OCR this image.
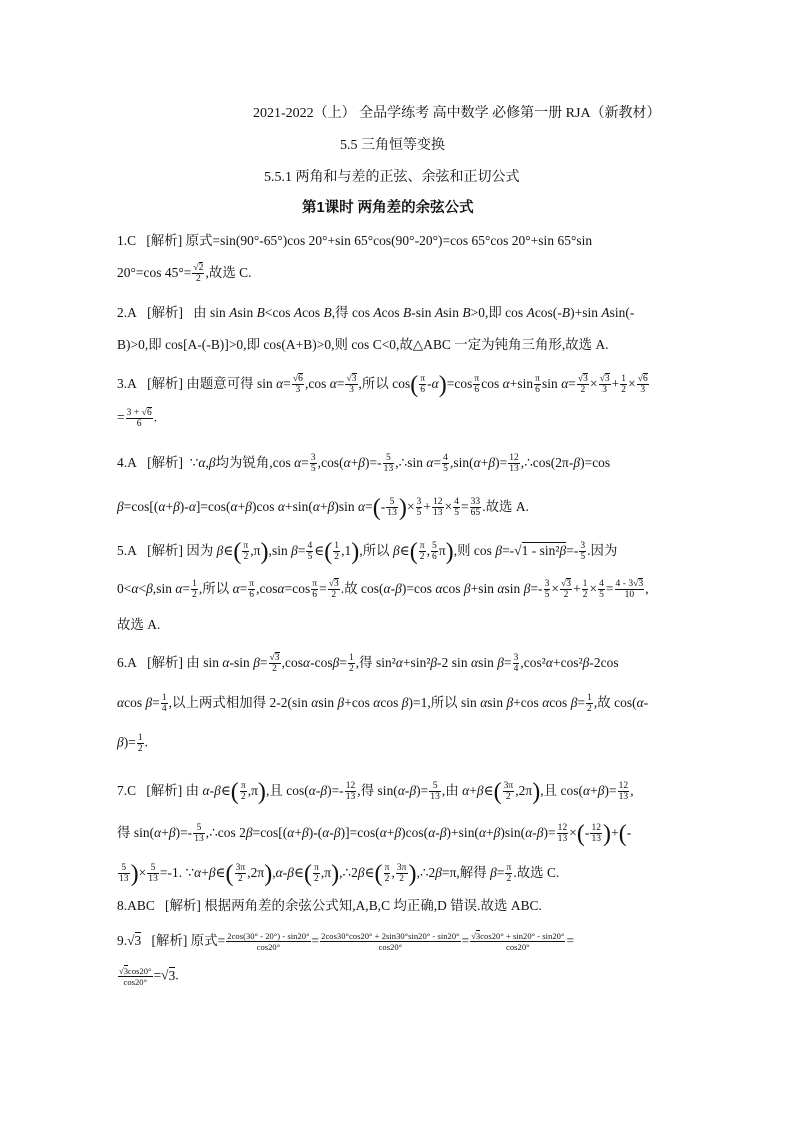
2021-2022（上） 全品学练考 高中数学 必修第一册 RJA（新教材）
5.5 三角恒等变换
5.5.1 两角和与差的正弦、余弦和正切公式
第1课时 两角差的余弦公式
1.C [解析] 原式=sin(90°-65°)cos 20°+sin 65°cos(90°-20°)=cos 65°cos 20°+sin 65°sin
20°=cos $45^\circ= \frac{√2}{2}$ ,故选 C.
2.A [解析]   由 sin Asin B<cos Acos B,得 cos Acos B-sin Asin B>0,即 cos Acos(-B)+sin Asin(-
B)>0,即 cos[A-(-B)]>0,即 cos(A+B)>0,则 cos C<0,故△ABC 一定为钝角三角形,故选 A.
3.A [解析] 由题意可得 $\sin \alpha= \frac{√6}{3} ,\cos$ $\alpha= \frac{√3}{3}$ ,所以 $\cos( \frac{\pi}{6} -\alpha)=\cos \frac{\pi}{6}$ $\cos \alpha+\sin \frac{\pi}{6}$ $\sin \alpha= \frac{√3}{2} \times \frac{√3}{3} + \frac{1}{2} \times \frac{√6}{3}$
= $\frac{3 + √6}{6}$ .
4.A [解析]  ∵α,β均为锐角,cos $\alpha= \frac{3}{5} ,\cos(\alpha+\beta)=- \frac{5}{13}$ ,∴sin $\alpha= \frac{4}{5} ,\sin(\alpha+\beta)= \frac{12}{13}$ ,∴cos(2π-β)=cos
β=cos[(α+β)-α]=cos(α+β)cos α+sin(α+β)sin $\alpha=(- \frac{5}{13}$ )× $\frac{3}{5} + \frac{12}{13} \times \frac{4}{5} = \frac{33}{65}$ .故选 A.
5.A [解析] 因为 β∈( $\frac{\pi}{2} ,\pi),\sin$ $\beta= \frac{4}{5}$ ∈( $\frac{1}{2} ,1$),所以 β∈( $\frac{\pi}{2}$ , $\frac{5}{6} \pi$),则 $\cos \beta=-√1 - \sin^2\beta=- \frac{3}{5}$ .因为
0<α<β,sin $\alpha= \frac{1}{2}$ ,所以 $\alpha= \frac{\pi}{6} ,\cos\alpha=\cos \frac{\pi}{6} = \frac{√3}{2}$ .故 cos(α-β)=cos αcos β+sin αsin $\beta=- \frac{3}{5} \times \frac{√3}{2} + \frac{1}{2} \times \frac{4}{5} = \frac{4 - 3√3}{10}$ ,
故选 A.
6.A [解析] 由 sin α-sin $\beta= \frac{√3}{2} ,\cos\alpha-\cos\beta= \frac{1}{2}$ ,得 sin²α+sin²β-2 sin αsin $\beta= \frac{3}{4} ,\cos^2\alpha+\cos^2\beta-2\cos$
αcos $\beta= \frac{1}{4}$ ,以上两式相加得 2-2(sin αsin β+cos αcos β)=1,所以 sin αsin β+cos αcos $\beta= \frac{1}{2}$ ,故 cos(α-
$\beta)= \frac{1}{2}$ .
7.C [解析] 由 α-β∈( $\frac{\pi}{2} ,\pi$),且 $\cos(\alpha-\beta)=- \frac{12}{13}$ ,得 $\sin(\alpha-\beta)= \frac{5}{13}$ ,由 α+β∈( $\frac{3\pi}{2} ,2\pi$),且 $\cos(\alpha+\beta)= \frac{12}{13}$ ,
得 $\sin(\alpha+\beta)=- \frac{5}{13}$ ,∴cos $2\beta=\cos[(\alpha+\beta)-(\alpha-\beta)]=\cos(\alpha+\beta)\cos(\alpha-\beta)+\sin(\alpha+\beta)\sin(\alpha-\beta)= \frac{12}{13}$ ×(- $\frac{12}{13}$ )+(-
$\frac{5}{13}$ )× $\frac{5}{13} =-1$. ∵α+β∈( $\frac{3\pi}{2}$ ,2π),α-β∈( $\frac{\pi}{2}$ ,π),∴2β∈( $\frac{\pi}{2}$ , $\frac{3\pi}{2}$ ),∴2β=π,解得 $\beta= \frac{\pi}{2}$ .故选 C.
8.ABC [解析] 根据两角差的余弦公式知,A,B,C 均正确,D 错误.故选 ABC.
9.√3 [解析] 原式= $\frac{2\cos(30^\circ - 20^\circ) - \sin 20^\circ}{\cos 20^\circ} = \frac{2\cos 30^\circ\cos 20^\circ + 2\sin 30^\circ\sin 20^\circ - \sin 20^\circ}{\cos 20^\circ} = \frac{√3\cos 20^\circ + \sin 20^\circ - \sin 20^\circ}{\cos 20^\circ}$ =
$\frac{√3\cos 20^\circ}{\cos 20^\circ} =√3$.
